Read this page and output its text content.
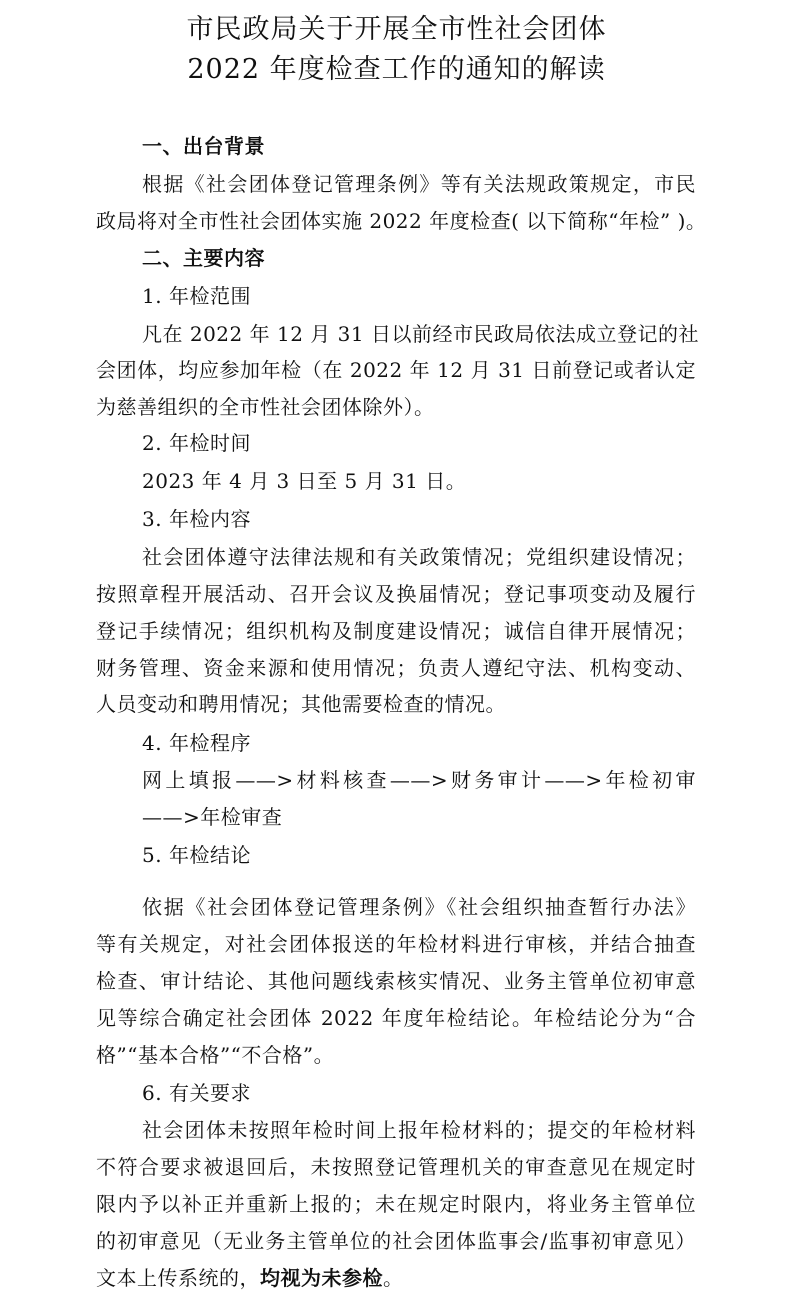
市民政局关于开展全市性社会团体
2022 年度检查工作的通知的解读
一、出台背景
根据《社会团体登记管理条例》等有关法规政策规定，市民
政局将对全市性社会团体实施 2022 年度检查( 以下简称“年检” )。
二、主要内容
1. 年检范围
凡在 2022 年 12 月 31 日以前经市民政局依法成立登记的社
会团体，均应参加年检（在 2022 年 12 月 31 日前登记或者认定
为慈善组织的全市性社会团体除外）。
2. 年检时间
2023 年 4 月 3 日至 5 月 31 日。
3. 年检内容
社会团体遵守法律法规和有关政策情况；党组织建设情况；
按照章程开展活动、召开会议及换届情况；登记事项变动及履行
登记手续情况；组织机构及制度建设情况；诚信自律开展情况；
财务管理、资金来源和使用情况；负责人遵纪守法、机构变动、
人员变动和聘用情况；其他需要检查的情况。
4. 年检程序
网上填报——>材料核查——>财务审计——>年检初审
——>年检审查
5. 年检结论
依据《社会团体登记管理条例》《社会组织抽查暂行办法》
等有关规定，对社会团体报送的年检材料进行审核，并结合抽查
检查、审计结论、其他问题线索核实情况、业务主管单位初审意
见等综合确定社会团体 2022 年度年检结论。年检结论分为“合
格”“基本合格”“不合格”。
6. 有关要求
社会团体未按照年检时间上报年检材料的；提交的年检材料
不符合要求被退回后，未按照登记管理机关的审查意见在规定时
限内予以补正并重新上报的；未在规定时限内，将业务主管单位
的初审意见（无业务主管单位的社会团体监事会/监事初审意见）
文本上传系统的，均视为未参检。
